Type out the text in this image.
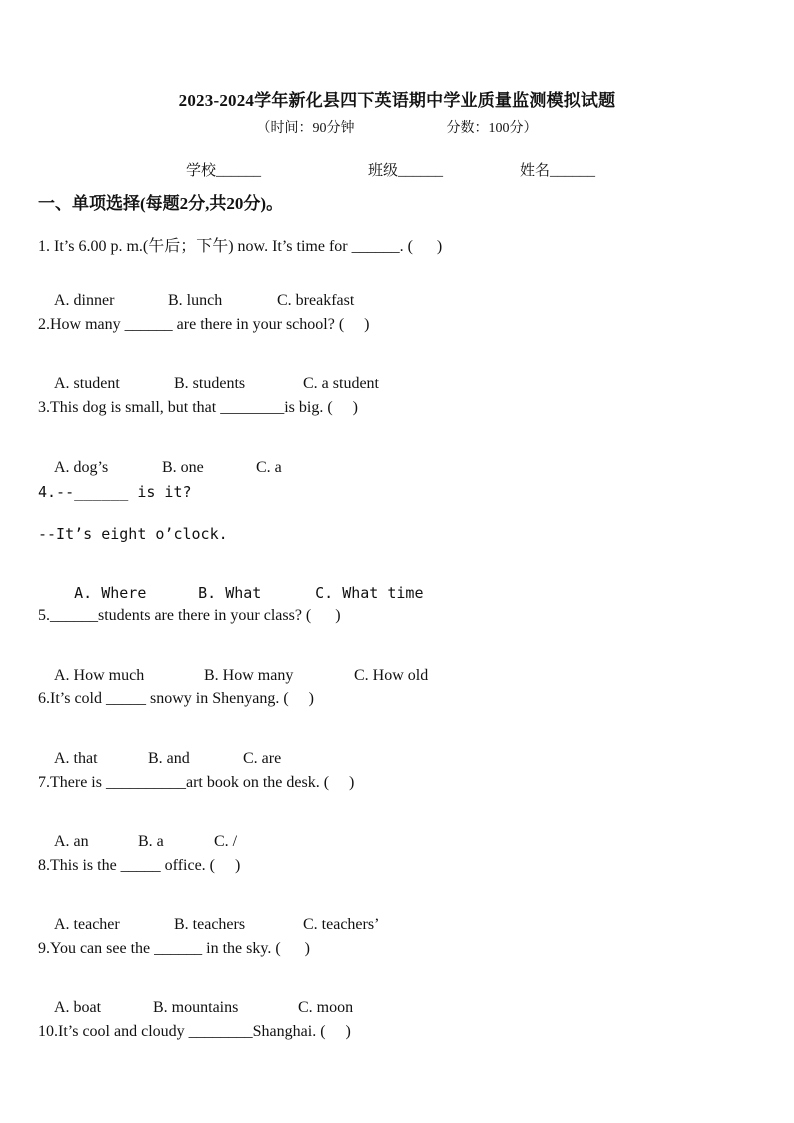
2023-2024学年新化县四下英语期中学业质量监测模拟试题
（时间：90分钟	分数：100分）
学校______	班级______	姓名______
一、单项选择(每题2分,共20分)。
1. It’s 6.00 p. m.(午后；下午) now. It’s time for ______. (      )

A. dinner	B. lunch	C. breakfast

2.How many ______ are there in your school? (     )

A. student	B. students	C. a student

3.This dog is small, but that ________is big. (     )

A. dog’s	B. one	C. a

4.--______ is it?
--It’s eight o’clock.

A. Where	B. What	C. What time

5.______students are there in your class? (      )

A. How much	B. How many	C. How old

6.It’s cold _____ snowy in Shenyang. (     )

A. that	B. and	C. are

7.There is __________art book on the desk. (     )

A. an	B. a	C. /

8.This is the _____ office. (     )

A. teacher	B. teachers	C. teachers’

9.You can see the ______ in the sky. (      )

A. boat	B. mountains	C. moon

10.It’s cool and cloudy ________Shanghai. (     )
